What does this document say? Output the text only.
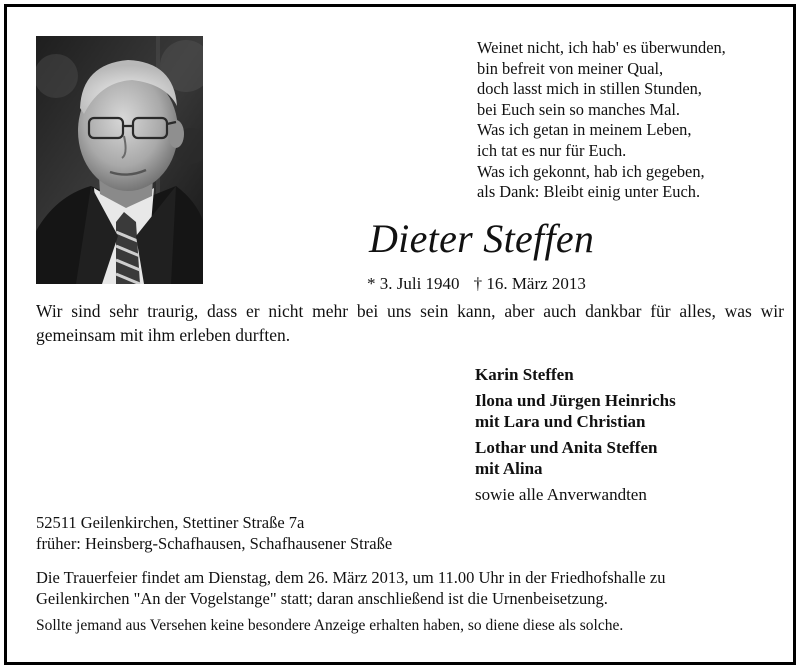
Weinet nicht, ich hab' es überwunden,
bin befreit von meiner Qual,
doch lasst mich in stillen Stunden,
bei Euch sein so manches Mal.
Was ich getan in meinem Leben,
ich tat es nur für Euch.
Was ich gekonnt, hab ich gegeben,
als Dank: Bleibt einig unter Euch.
Dieter Steffen
* 3. Juli 1940 † 16. März 2013
Wir sind sehr traurig, dass er nicht mehr bei uns sein kann, aber auch dankbar für alles, was wir gemeinsam mit ihm erleben durften.
Karin Steffen
Ilona und Jürgen Heinrichs
mit Lara und Christian
Lothar und Anita Steffen
mit Alina
sowie alle Anverwandten
52511 Geilenkirchen, Stettiner Straße 7a
früher: Heinsberg-Schafhausen, Schafhausener Straße
Die Trauerfeier findet am Dienstag, dem 26. März 2013, um 11.00 Uhr in der Friedhofshalle zu
Geilenkirchen "An der Vogelstange" statt; daran anschließend ist die Urnenbeisetzung.
Sollte jemand aus Versehen keine besondere Anzeige erhalten haben, so diene diese als solche.
